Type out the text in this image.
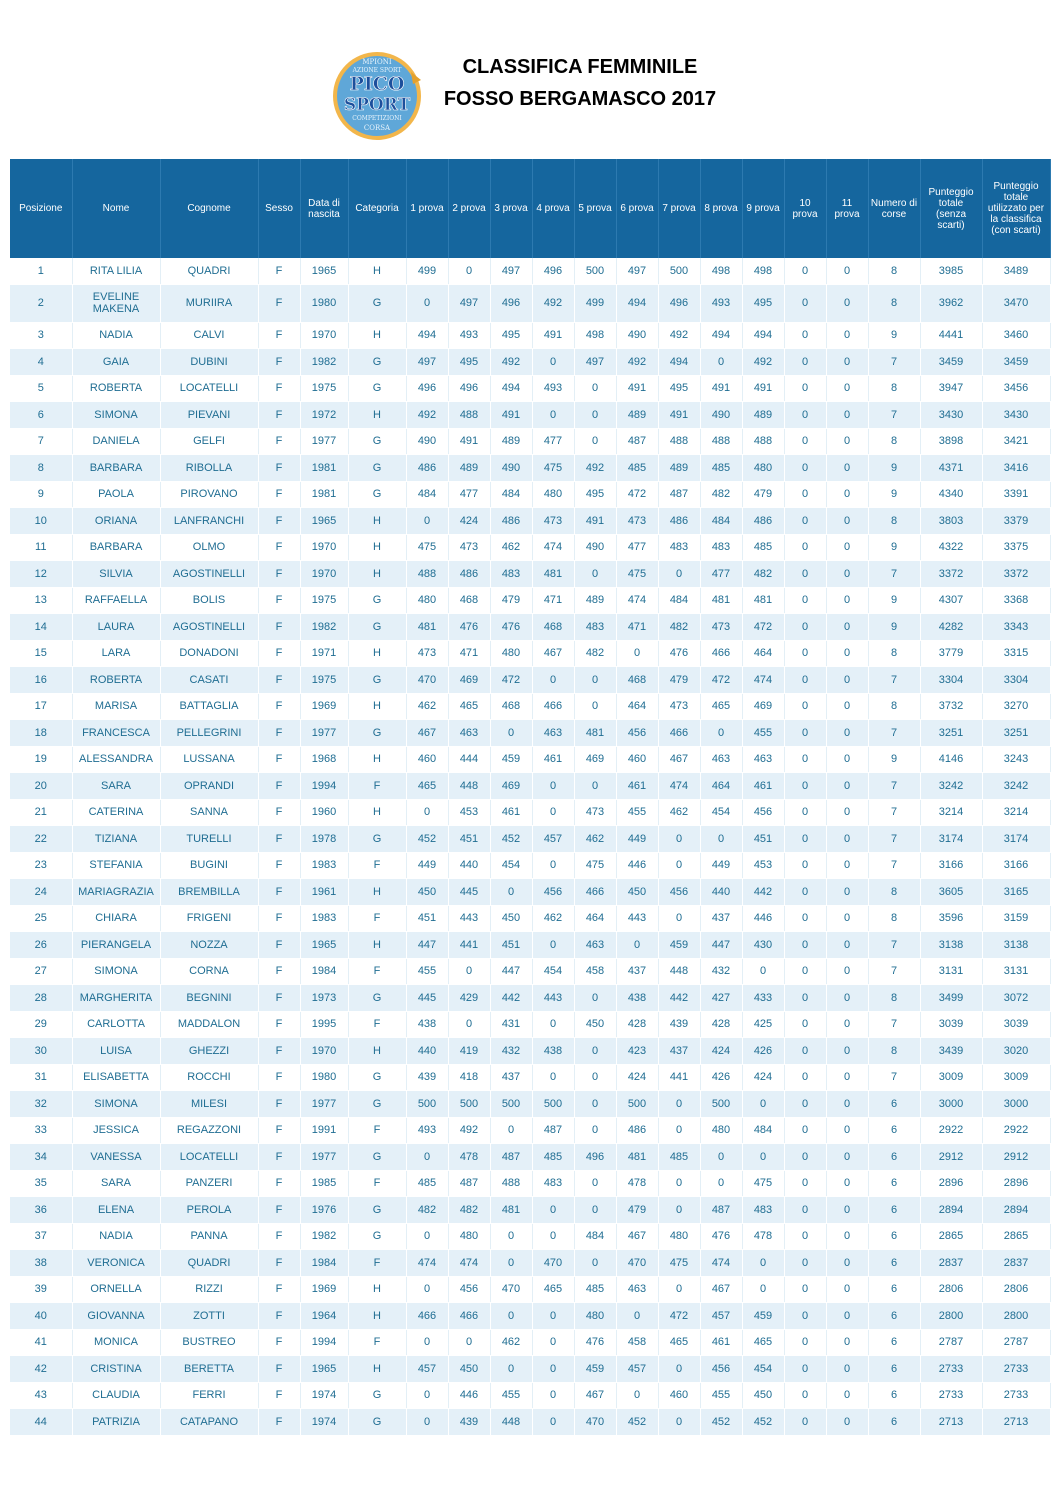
MPIONI
AZIONE SPORT
PICO
SPORT
COMPETIZIONI
CORSA
CLASSIFICA FEMMINILE
FOSSO BERGAMASCO 2017
Posizione	Nome	Cognome	Sesso	Data di nascita	Categoria	1 prova	2 prova	3 prova	4 prova	5 prova	6 prova	7 prova	8 prova	9 prova	10 prova	11 prova	Numero di corse	Punteggio totale (senza scarti)	Punteggio totale utilizzato per la classifica (con scarti)
1	RITA LILIA	QUADRI	F	1965	H	499	0	497	496	500	497	500	498	498	0	0	8	3985	3489
2	EVELINE MAKENA	MURIIRA	F	1980	G	0	497	496	492	499	494	496	493	495	0	0	8	3962	3470
3	NADIA	CALVI	F	1970	H	494	493	495	491	498	490	492	494	494	0	0	9	4441	3460
4	GAIA	DUBINI	F	1982	G	497	495	492	0	497	492	494	0	492	0	0	7	3459	3459
5	ROBERTA	LOCATELLI	F	1975	G	496	496	494	493	0	491	495	491	491	0	0	8	3947	3456
6	SIMONA	PIEVANI	F	1972	H	492	488	491	0	0	489	491	490	489	0	0	7	3430	3430
7	DANIELA	GELFI	F	1977	G	490	491	489	477	0	487	488	488	488	0	0	8	3898	3421
8	BARBARA	RIBOLLA	F	1981	G	486	489	490	475	492	485	489	485	480	0	0	9	4371	3416
9	PAOLA	PIROVANO	F	1981	G	484	477	484	480	495	472	487	482	479	0	0	9	4340	3391
10	ORIANA	LANFRANCHI	F	1965	H	0	424	486	473	491	473	486	484	486	0	0	8	3803	3379
11	BARBARA	OLMO	F	1970	H	475	473	462	474	490	477	483	483	485	0	0	9	4322	3375
12	SILVIA	AGOSTINELLI	F	1970	H	488	486	483	481	0	475	0	477	482	0	0	7	3372	3372
13	RAFFAELLA	BOLIS	F	1975	G	480	468	479	471	489	474	484	481	481	0	0	9	4307	3368
14	LAURA	AGOSTINELLI	F	1982	G	481	476	476	468	483	471	482	473	472	0	0	9	4282	3343
15	LARA	DONADONI	F	1971	H	473	471	480	467	482	0	476	466	464	0	0	8	3779	3315
16	ROBERTA	CASATI	F	1975	G	470	469	472	0	0	468	479	472	474	0	0	7	3304	3304
17	MARISA	BATTAGLIA	F	1969	H	462	465	468	466	0	464	473	465	469	0	0	8	3732	3270
18	FRANCESCA	PELLEGRINI	F	1977	G	467	463	0	463	481	456	466	0	455	0	0	7	3251	3251
19	ALESSANDRA	LUSSANA	F	1968	H	460	444	459	461	469	460	467	463	463	0	0	9	4146	3243
20	SARA	OPRANDI	F	1994	F	465	448	469	0	0	461	474	464	461	0	0	7	3242	3242
21	CATERINA	SANNA	F	1960	H	0	453	461	0	473	455	462	454	456	0	0	7	3214	3214
22	TIZIANA	TURELLI	F	1978	G	452	451	452	457	462	449	0	0	451	0	0	7	3174	3174
23	STEFANIA	BUGINI	F	1983	F	449	440	454	0	475	446	0	449	453	0	0	7	3166	3166
24	MARIAGRAZIA	BREMBILLA	F	1961	H	450	445	0	456	466	450	456	440	442	0	0	8	3605	3165
25	CHIARA	FRIGENI	F	1983	F	451	443	450	462	464	443	0	437	446	0	0	8	3596	3159
26	PIERANGELA	NOZZA	F	1965	H	447	441	451	0	463	0	459	447	430	0	0	7	3138	3138
27	SIMONA	CORNA	F	1984	F	455	0	447	454	458	437	448	432	0	0	0	7	3131	3131
28	MARGHERITA	BEGNINI	F	1973	G	445	429	442	443	0	438	442	427	433	0	0	8	3499	3072
29	CARLOTTA	MADDALON	F	1995	F	438	0	431	0	450	428	439	428	425	0	0	7	3039	3039
30	LUISA	GHEZZI	F	1970	H	440	419	432	438	0	423	437	424	426	0	0	8	3439	3020
31	ELISABETTA	ROCCHI	F	1980	G	439	418	437	0	0	424	441	426	424	0	0	7	3009	3009
32	SIMONA	MILESI	F	1977	G	500	500	500	500	0	500	0	500	0	0	0	6	3000	3000
33	JESSICA	REGAZZONI	F	1991	F	493	492	0	487	0	486	0	480	484	0	0	6	2922	2922
34	VANESSA	LOCATELLI	F	1977	G	0	478	487	485	496	481	485	0	0	0	0	6	2912	2912
35	SARA	PANZERI	F	1985	F	485	487	488	483	0	478	0	0	475	0	0	6	2896	2896
36	ELENA	PEROLA	F	1976	G	482	482	481	0	0	479	0	487	483	0	0	6	2894	2894
37	NADIA	PANNA	F	1982	G	0	480	0	0	484	467	480	476	478	0	0	6	2865	2865
38	VERONICA	QUADRI	F	1984	F	474	474	0	470	0	470	475	474	0	0	0	6	2837	2837
39	ORNELLA	RIZZI	F	1969	H	0	456	470	465	485	463	0	467	0	0	0	6	2806	2806
40	GIOVANNA	ZOTTI	F	1964	H	466	466	0	0	480	0	472	457	459	0	0	6	2800	2800
41	MONICA	BUSTREO	F	1994	F	0	0	462	0	476	458	465	461	465	0	0	6	2787	2787
42	CRISTINA	BERETTA	F	1965	H	457	450	0	0	459	457	0	456	454	0	0	6	2733	2733
43	CLAUDIA	FERRI	F	1974	G	0	446	455	0	467	0	460	455	450	0	0	6	2733	2733
44	PATRIZIA	CATAPANO	F	1974	G	0	439	448	0	470	452	0	452	452	0	0	6	2713	2713
